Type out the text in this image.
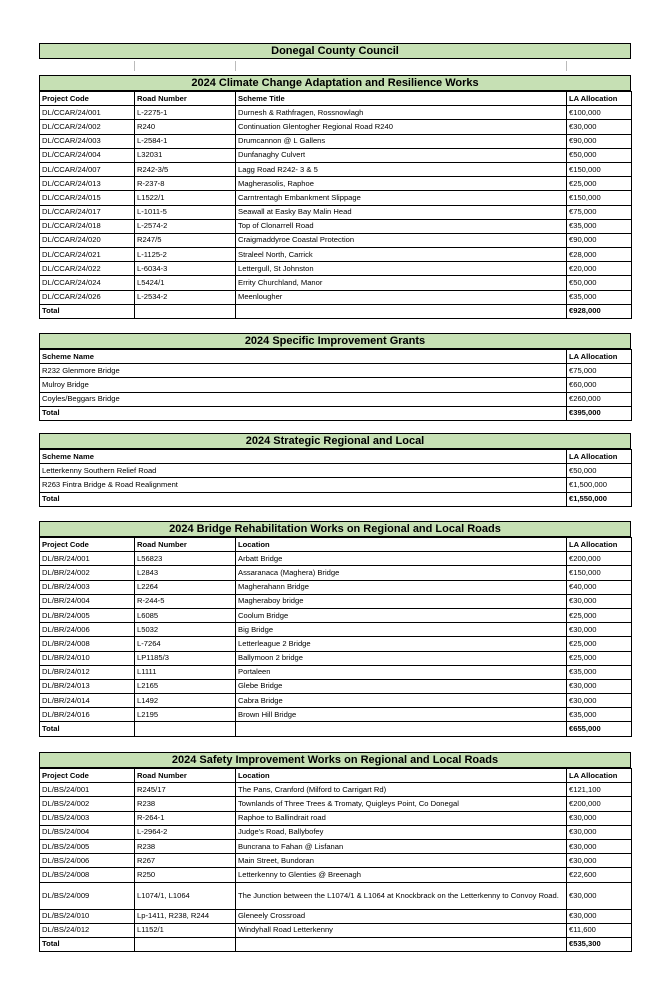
Donegal County Council
2024 Climate Change Adaptation and Resilience Works
Project Code	Road Number	Scheme Title	LA Allocation
DL/CCAR/24/001	L-2275-1	Durnesh & Rathfragen, Rossnowlagh	€100,000
DL/CCAR/24/002	R240	Continuation Glentogher Regional Road R240	€30,000
DL/CCAR/24/003	L-2584-1	Drumcannon @ L Gallens	€90,000
DL/CCAR/24/004	L32031	Dunfanaghy Culvert	€50,000
DL/CCAR/24/007	R242-3/5	Lagg Road R242- 3 & 5	€150,000
DL/CCAR/24/013	R-237-8	Magherasolis, Raphoe	€25,000
DL/CCAR/24/015	L1522/1	Carntrentagh Embankment Slippage	€150,000
DL/CCAR/24/017	L-1011-5	Seawall at Easky Bay Malin Head	€75,000
DL/CCAR/24/018	L-2574-2	Top of Clonarrell Road	€35,000
DL/CCAR/24/020	R247/5	Craigmaddyroe Coastal Protection	€90,000
DL/CCAR/24/021	L-1125-2	Straleel North, Carrick	€28,000
DL/CCAR/24/022	L-6034-3	Lettergull, St Johnston	€20,000
DL/CCAR/24/024	L5424/1	Errity Churchland, Manor	€50,000
DL/CCAR/24/026	L-2534-2	Meenlougher	€35,000
Total			€928,000
2024 Specific Improvement Grants
Scheme Name	LA Allocation
R232 Glenmore Bridge	€75,000
Mulroy Bridge	€60,000
Coyles/Beggars Bridge	€260,000
Total	€395,000
2024 Strategic Regional and Local
Scheme Name	LA Allocation
Letterkenny Southern Relief Road	€50,000
R263 Fintra Bridge & Road Realignment	€1,500,000
Total	€1,550,000
2024 Bridge Rehabilitation Works on Regional and Local Roads
Project Code	Road Number	Location	LA Allocation
DL/BR/24/001	L56823	Arbatt Bridge	€200,000
DL/BR/24/002	L2843	Assaranaca (Maghera) Bridge	€150,000
DL/BR/24/003	L2264	Magherahann Bridge	€40,000
DL/BR/24/004	R-244-5	Magheraboy bridge	€30,000
DL/BR/24/005	L6085	Coolum Bridge	€25,000
DL/BR/24/006	L5032	Big Bridge	€30,000
DL/BR/24/008	L-7264	Letterleague 2 Bridge	€25,000
DL/BR/24/010	LP1185/3	Ballymoon 2 bridge	€25,000
DL/BR/24/012	L1111	Portaleen	€35,000
DL/BR/24/013	L2165	Glebe Bridge	€30,000
DL/BR/24/014	L1492	Cabra Bridge	€30,000
DL/BR/24/016	L2195	Brown Hill Bridge	€35,000
Total			€655,000
2024 Safety Improvement Works on Regional and Local Roads
Project Code	Road Number	Location	LA Allocation
DL/BS/24/001	R245/17	The Pans, Cranford (Milford to Carrigart Rd)	€121,100
DL/BS/24/002	R238	Townlands of Three Trees & Tromaty, Quigleys Point, Co Donegal	€200,000
DL/BS/24/003	R-264-1	Raphoe to Ballindrait road	€30,000
DL/BS/24/004	L-2964-2	Judge's Road, Ballybofey	€30,000
DL/BS/24/005	R238	Buncrana to Fahan @ Lisfanan	€30,000
DL/BS/24/006	R267	Main Street, Bundoran	€30,000
DL/BS/24/008	R250	Letterkenny to Glenties @ Breenagh	€22,600
DL/BS/24/009	L1074/1, L1064	The Junction between the L1074/1 & L1064 at Knockbrack on the Letterkenny to Convoy Road.	€30,000
DL/BS/24/010	Lp-1411, R238, R244	Gleneely Crossroad	€30,000
DL/BS/24/012	L1152/1	Windyhall Road Letterkenny	€11,600
Total			€535,300
